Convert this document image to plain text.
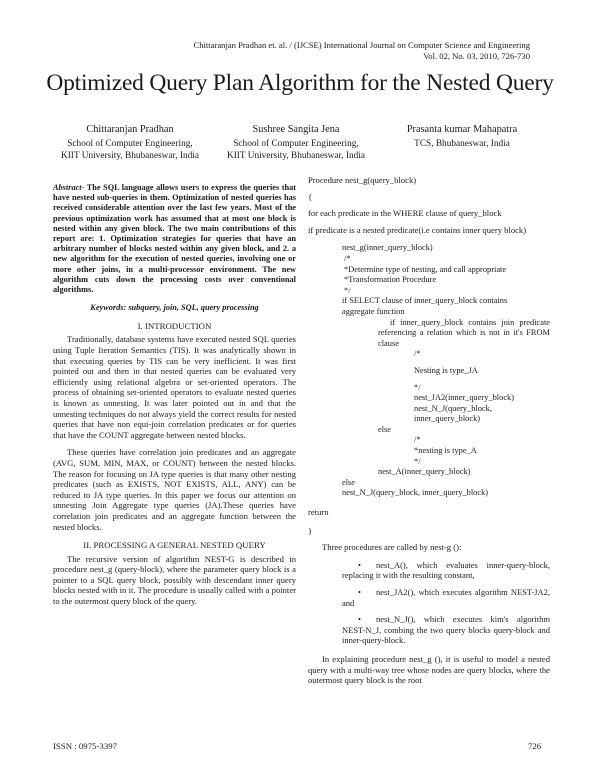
Chittaranjan Pradhan et. al. / (IJCSE) International Journal on Computer Science and Engineering
Vol. 02, No. 03, 2010, 726-730
Optimized Query Plan Algorithm for the Nested Query
Chittaranjan Pradhan
School of Computer Engineering,
KIIT University, Bhubaneswar, India
Sushree Sangita Jena
School of Computer Engineering,
KIIT University, Bhubaneswar, India
Prasanta kumar Mahapatra
TCS, Bhubaneswar, India

Abstract- The SQL language allows users to express the queries that have nested sub-queries in them. Optimization of nested queries has received considerable attention over the last few years. Most of the previous optimization work has assumed that at most one block is nested within any given block. The two main contributions of this report are: 1. Optimization strategies for queries that have an arbitrary number of blocks nested within any given block, and 2. a new algorithm for the execution of nested queries, involving one or more other joins, in a multi-processor environment. The new algorithm cuts down the processing costs over conventional algorithms.

Keywords: subquery, join, SQL, query processing

I. INTRODUCTION

Traditionally, database systems have executed nested SQL queries using Tuple Iteration Semantics (TIS). It was analytically shown in that executing queries by TIS can be very inefficient. It was first pointed out and then in that nested queries can be evaluated very efficiently using relational algebra or set-oriented operators. The process of obtaining set-oriented operators to evaluate nested queries is known as unnesting. It was later pointed out in and that the unnesting techniques do not always yield the correct results for nested queries that have non equi-join correlation predicates or for queries that have the COUNT aggregate between nested blocks.

These queries have correlation join predicates and an aggregate (AVG, SUM, MIN, MAX, or COUNT) between the nested blocks. The reason for focusing on JA type queries is that many other nesting predicates (such as EXISTS, NOT EXISTS, ALL, ANY) can be reduced to JA type queries. In this paper we focus our attention on unnesting Join Aggregate type queries (JA).These queries have correlation join predicates and an aggregate function between the nested blocks.

II. PROCESSING A GENERAL NESTED QUERY

The recursive version of algorithm NEST-G is described in procedure nest_g (query-block), where the parameter query block is a pointer to a SQL query block, possibly with descendant inner query blocks nested with in it. The procedure is usually called with a pointer to the outermost query block of the query.

Procedure nest_g(query_block)

{

for each predicate in the WHERE clause of query_block

if predicate is a nested predicate(i.e contains inner query block)

nest_g(inner_query_block)
/*
*Determine type of nesting, and call appropriate
*Transformation Procedure
*/
if SELECT clause of inner_query_block contains
aggregate function

if inner_query_block contains join predicate referencing a relation which is not in it's FROM clause

/*
Nesting is type_JA
*/
nest_JA2(inner_query_block)
nest_N_J(query_block,
inner_query_block)
else
/*
*nesting is type_A
*/
nest_A(inner_query_block)
else
nest_N_J(query_block, inner_query_block)

return

}

Three procedures are called by nest-g ():

• nest_A(), which evaluates inner-query-block, replacing it with the resulting constant,
• nest_JA2(), which executes algorithm NEST-JA2, and
• nest_N_J(), which executes kim's algorithm NEST-N_J, combing the two query blocks query-block and inner-query-block.

In explaining procedure nest_g (), it is useful to model a nested query with a multi-way tree whose nodes are query blocks, where the outermost query block is the root

ISSN : 0975-3397	726
